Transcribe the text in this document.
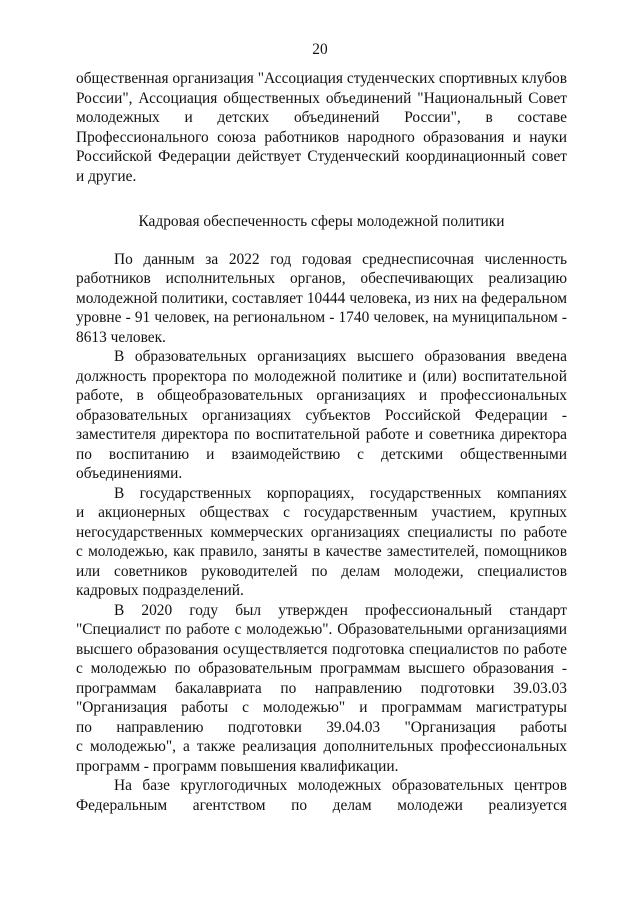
20
общественная организация "Ассоциация студенческих спортивных клубов
России", Ассоциация общественных объединений "Национальный Совет
молодежных и детских объединений России", в составе
Профессионального союза работников народного образования и науки
Российской Федерации действует Студенческий координационный совет
и другие.
Кадровая обеспеченность сферы молодежной политики
По данным за 2022 год годовая среднесписочная численность
работников исполнительных органов, обеспечивающих реализацию
молодежной политики, составляет 10444 человека, из них на федеральном
уровне - 91 человек, на региональном - 1740 человек, на муниципальном -
8613 человек.
В образовательных организациях высшего образования введена
должность проректора по молодежной политике и (или) воспитательной
работе, в общеобразовательных организациях и профессиональных
образовательных организациях субъектов Российской Федерации -
заместителя директора по воспитательной работе и советника директора
по воспитанию и взаимодействию с детскими общественными
объединениями.
В государственных корпорациях, государственных компаниях
и акционерных обществах с государственным участием, крупных
негосударственных коммерческих организациях специалисты по работе
с молодежью, как правило, заняты в качестве заместителей, помощников
или советников руководителей по делам молодежи, специалистов
кадровых подразделений.
В 2020 году был утвержден профессиональный стандарт
"Специалист по работе с молодежью". Образовательными организациями
высшего образования осуществляется подготовка специалистов по работе
с молодежью по образовательным программам высшего образования -
программам бакалавриата по направлению подготовки 39.03.03
"Организация работы с молодежью" и программам магистратуры
по направлению подготовки 39.04.03 "Организация работы
с молодежью", а также реализация дополнительных профессиональных
программ - программ повышения квалификации.
На базе круглогодичных молодежных образовательных центров
Федеральным агентством по делам молодежи реализуется
